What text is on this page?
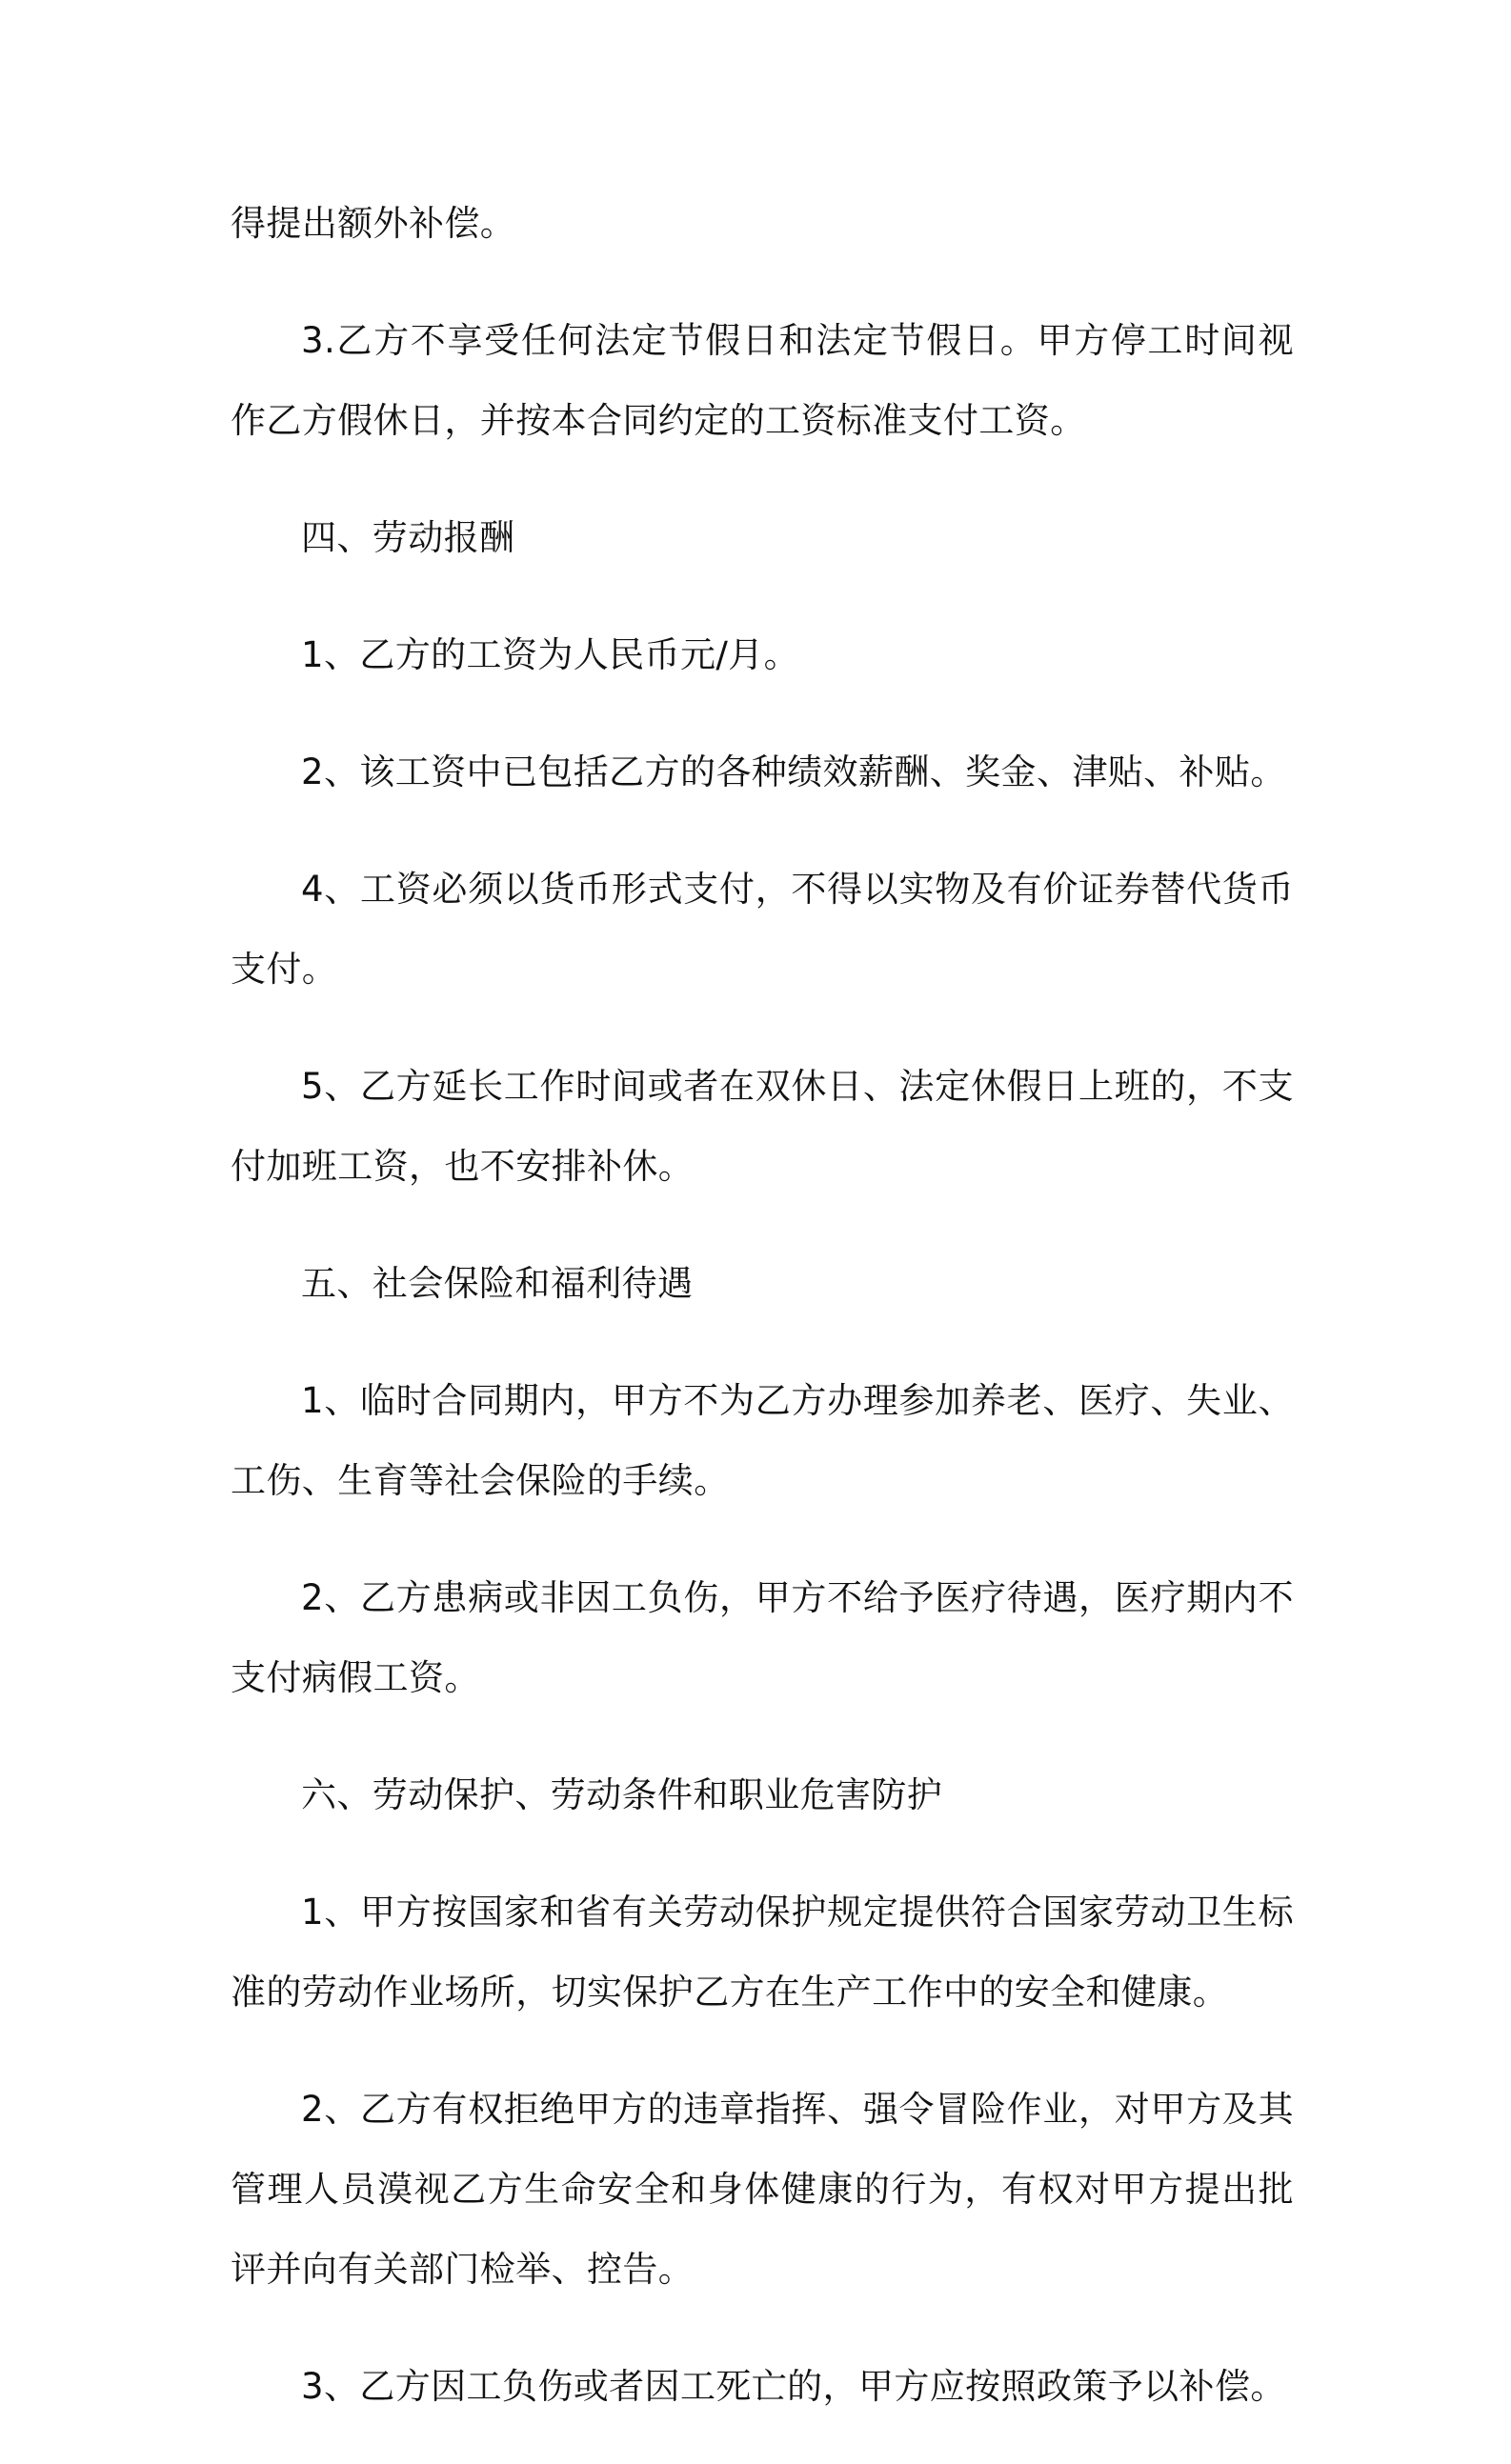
得提出额外补偿。

3.乙方不享受任何法定节假日和法定节假日。甲方停工时间视作乙方假休日，并按本合同约定的工资标准支付工资。

四、劳动报酬

1、乙方的工资为人民币元/月。

2、该工资中已包括乙方的各种绩效薪酬、奖金、津贴、补贴。

4、工资必须以货币形式支付，不得以实物及有价证券替代货币支付。

5、乙方延长工作时间或者在双休日、法定休假日上班的，不支付加班工资，也不安排补休。

五、社会保险和福利待遇

1、临时合同期内，甲方不为乙方办理参加养老、医疗、失业、工伤、生育等社会保险的手续。

2、乙方患病或非因工负伤，甲方不给予医疗待遇，医疗期内不支付病假工资。

六、劳动保护、劳动条件和职业危害防护

1、甲方按国家和省有关劳动保护规定提供符合国家劳动卫生标准的劳动作业场所，切实保护乙方在生产工作中的安全和健康。

2、乙方有权拒绝甲方的违章指挥、强令冒险作业，对甲方及其管理人员漠视乙方生命安全和身体健康的行为，有权对甲方提出批评并向有关部门检举、控告。

3、乙方因工负伤或者因工死亡的，甲方应按照政策予以补偿。
